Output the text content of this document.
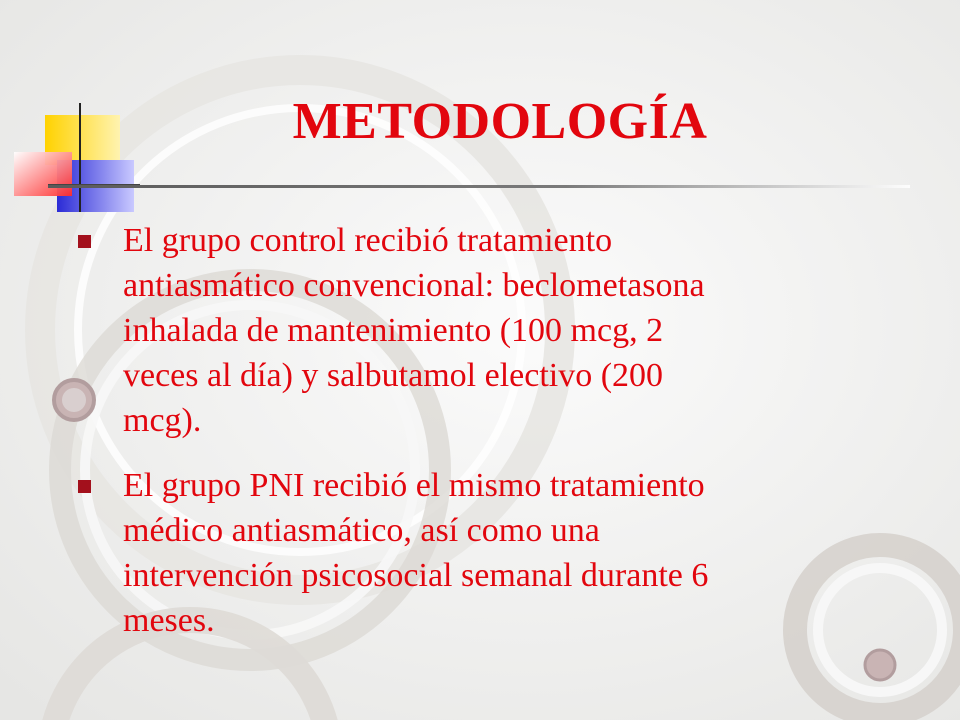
METODOLOGÍA
El grupo control recibió tratamiento
antiasmático convencional: beclometasona
inhalada de mantenimiento (100 mcg, 2
veces al día) y salbutamol electivo (200
mcg).
El grupo PNI recibió el mismo tratamiento
médico antiasmático, así como una
intervención psicosocial semanal durante 6
meses.
